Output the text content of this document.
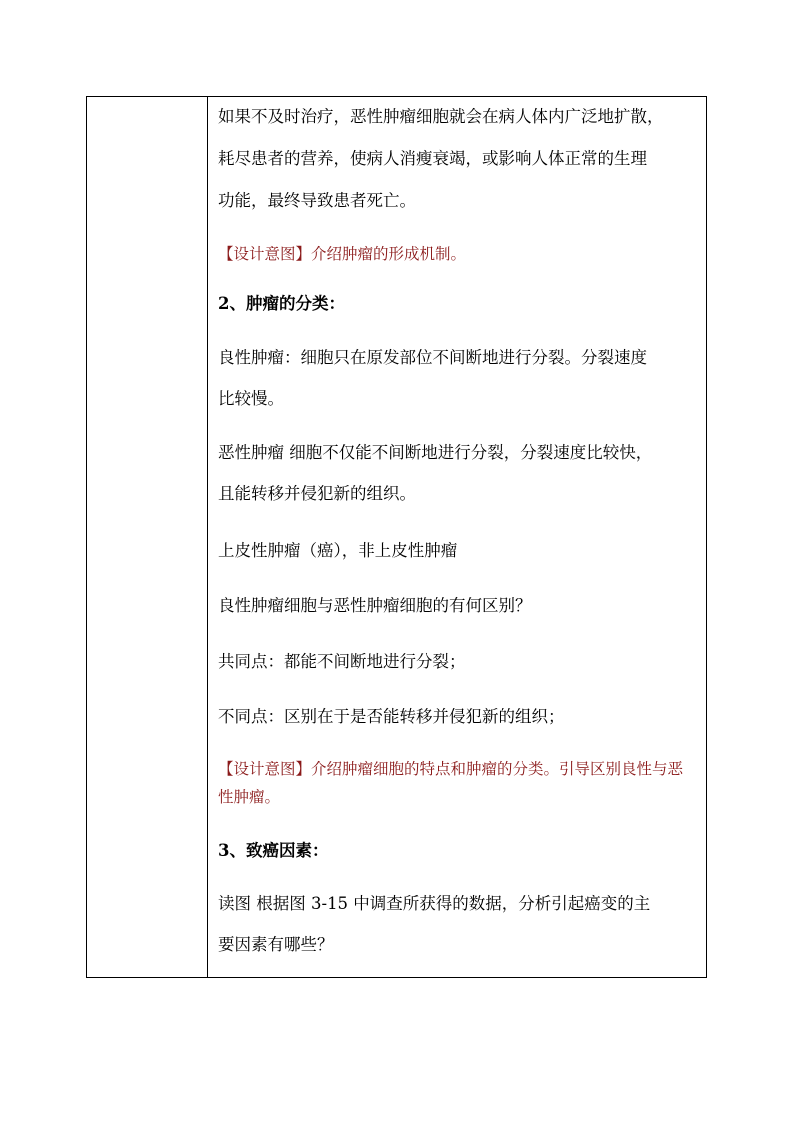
如果不及时治疗，恶性肿瘤细胞就会在病人体内广泛地扩散，
耗尽患者的营养，使病人消瘦衰竭，或影响人体正常的生理
功能，最终导致患者死亡。
【设计意图】介绍肿瘤的形成机制。
2、肿瘤的分类：
良性肿瘤：细胞只在原发部位不间断地进行分裂。分裂速度
比较慢。
恶性肿瘤 细胞不仅能不间断地进行分裂，分裂速度比较快，
且能转移并侵犯新的组织。
上皮性肿瘤（癌），非上皮性肿瘤
良性肿瘤细胞与恶性肿瘤细胞的有何区别？
共同点：都能不间断地进行分裂；
不同点：区别在于是否能转移并侵犯新的组织；
【设计意图】介绍肿瘤细胞的特点和肿瘤的分类。引导区别良性与恶
性肿瘤。
3、致癌因素：
读图 根据图 3-15 中调查所获得的数据，分析引起癌变的主
要因素有哪些？
